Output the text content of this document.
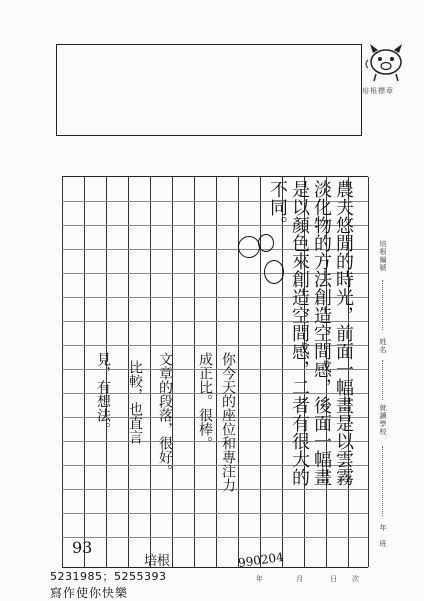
培根標章
農夫悠閒的時光，前面一幅畫是以雲霧
淡化物的方法創造空間感，後面一幅畫
是以顏色來創造空間感，二者有很大的
不同。
你今天的座位和專注力
成正比。很棒。
文章的段落，很好。
比較，也直言
見，有想法。
93
培根	990204
年	月	日 次
培根編號
姓名
就讀學校
年　班
5231985；5255393
寫作使你快樂
